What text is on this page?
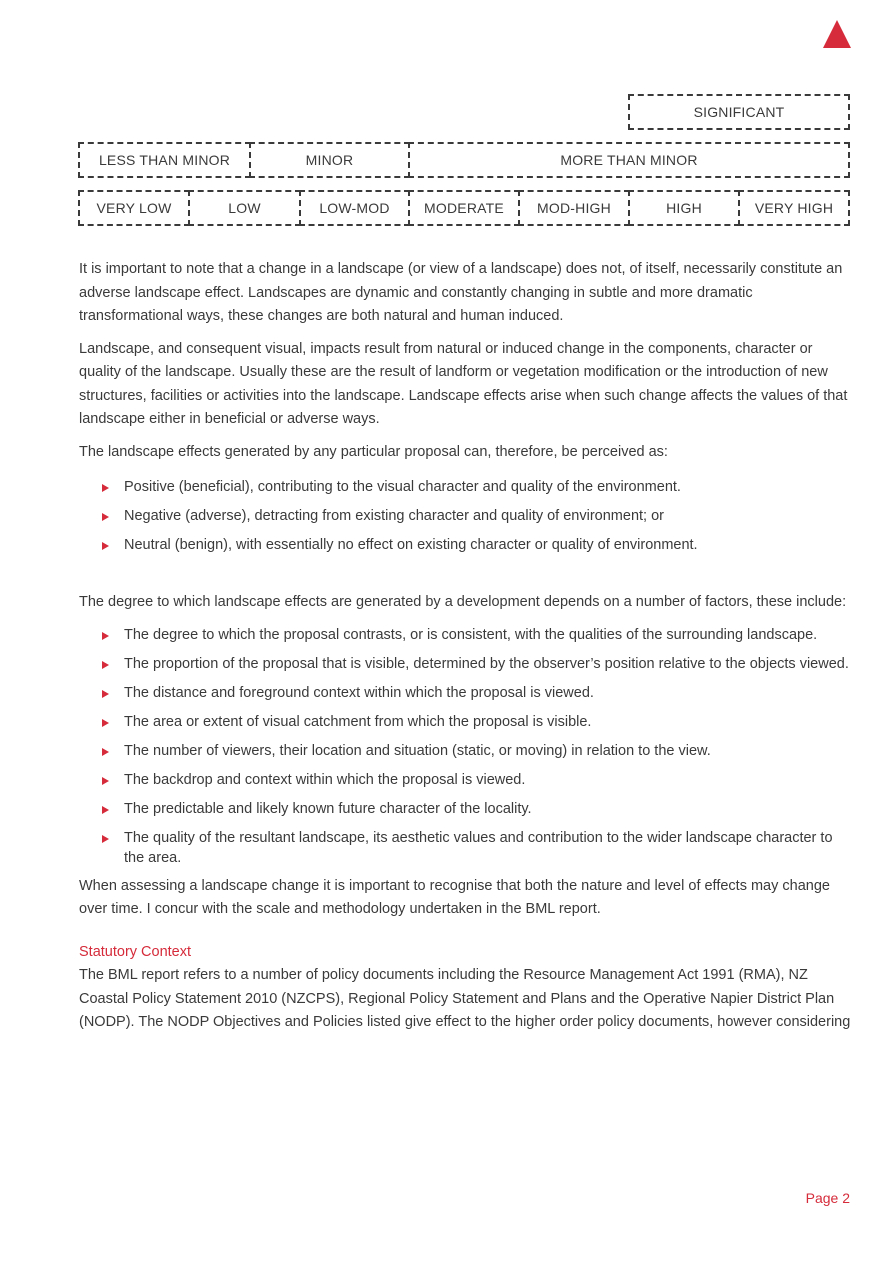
SIGNIFICANT
LESS THAN MINOR	MINOR	MORE THAN MINOR
VERY LOW	LOW	LOW-MOD	MODERATE	MOD-HIGH	HIGH	VERY HIGH

It is important to note that a change in a landscape (or view of a landscape) does not, of itself, necessarily constitute an adverse landscape effect. Landscapes are dynamic and constantly changing in subtle and more dramatic transformational ways, these changes are both natural and human induced.

Landscape, and consequent visual, impacts result from natural or induced change in the components, character or quality of the landscape. Usually these are the result of landform or vegetation modification or the introduction of new structures, facilities or activities into the landscape. Landscape effects arise when such change affects the values of that landscape either in beneficial or adverse ways.

The landscape effects generated by any particular proposal can, therefore, be perceived as:

Positive (beneficial), contributing to the visual character and quality of the environment.
Negative (adverse), detracting from existing character and quality of environment; or
Neutral (benign), with essentially no effect on existing character or quality of environment.

The degree to which landscape effects are generated by a development depends on a number of factors, these include:

The degree to which the proposal contrasts, or is consistent, with the qualities of the surrounding landscape.
The proportion of the proposal that is visible, determined by the observer’s position relative to the objects viewed.
The distance and foreground context within which the proposal is viewed.
The area or extent of visual catchment from which the proposal is visible.
The number of viewers, their location and situation (static, or moving) in relation to the view.
The backdrop and context within which the proposal is viewed.
The predictable and likely known future character of the locality.
The quality of the resultant landscape, its aesthetic values and contribution to the wider landscape character to the area.

When assessing a landscape change it is important to recognise that both the nature and level of effects may change over time. I concur with the scale and methodology undertaken in the BML report.

Statutory Context

The BML report refers to a number of policy documents including the Resource Management Act 1991 (RMA), NZ Coastal Policy Statement 2010 (NZCPS), Regional Policy Statement and Plans and the Operative Napier District Plan (NODP). The NODP Objectives and Policies listed give effect to the higher order policy documents, however considering

Page 2
